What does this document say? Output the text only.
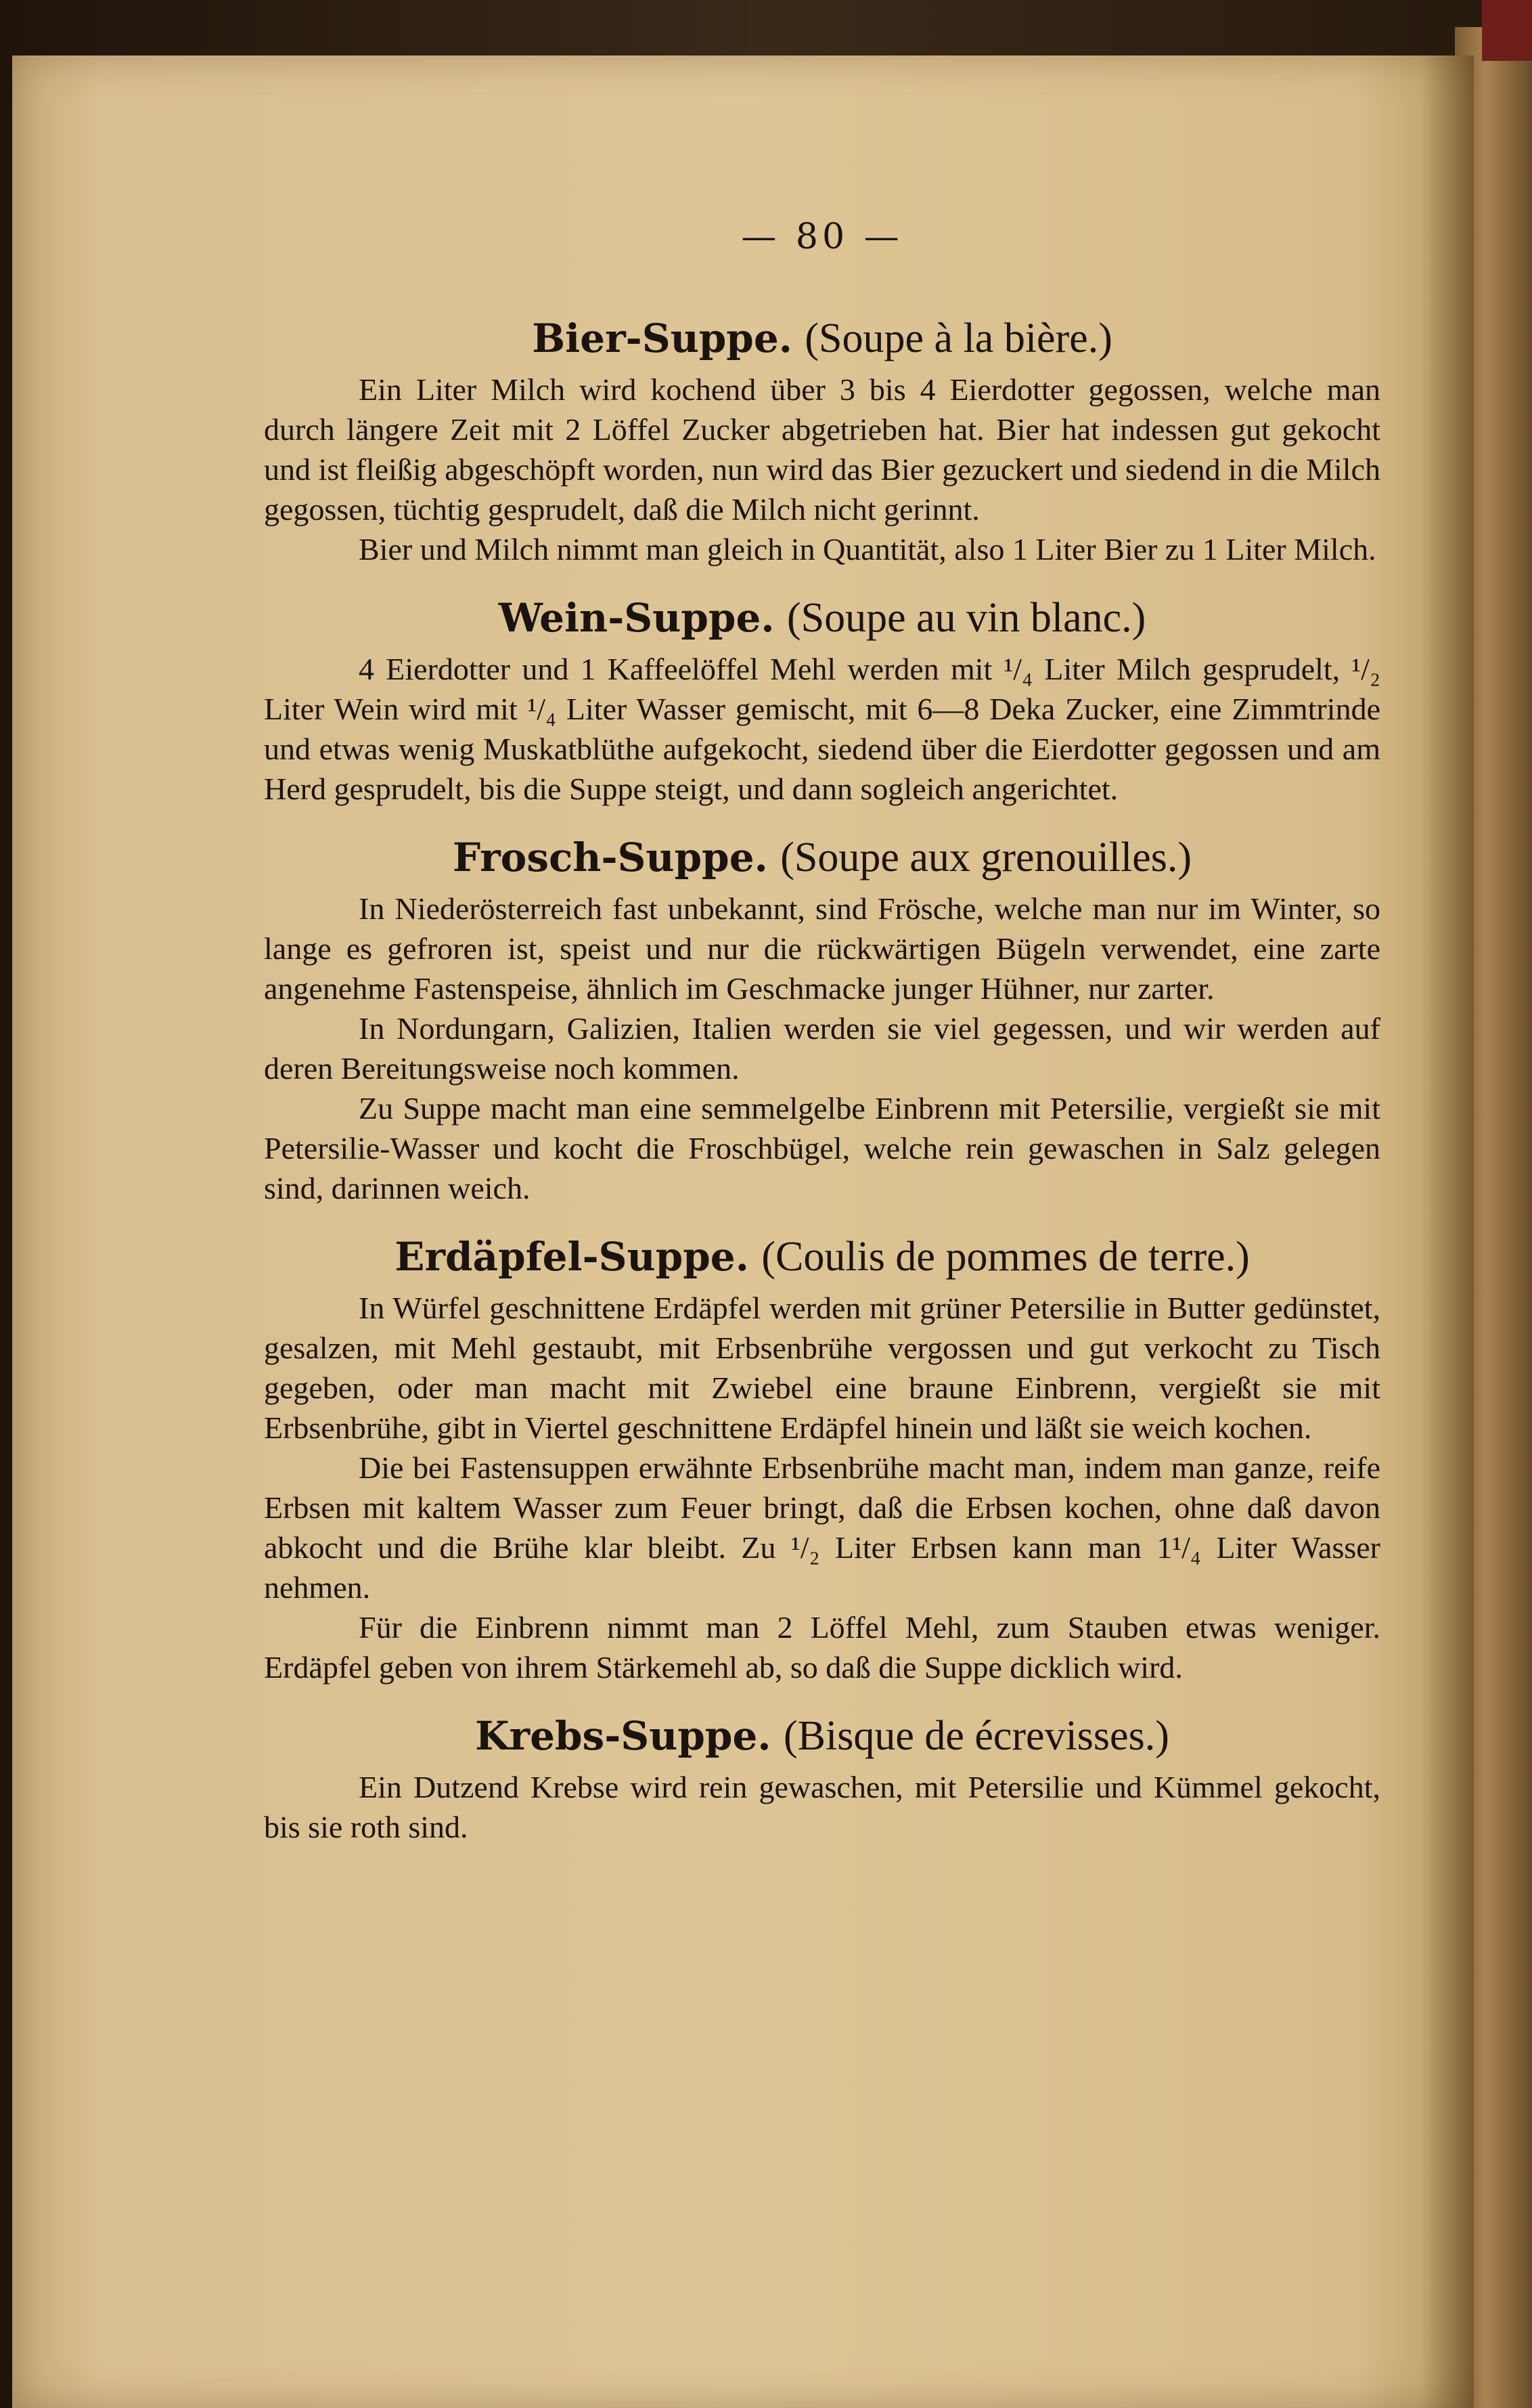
— 80 —
Bier-Suppe. (Soupe à la bière.)

Ein Liter Milch wird kochend über 3 bis 4 Eierdotter gegossen, welche man durch längere Zeit mit 2 Löffel Zucker abgetrieben hat. Bier hat indessen gut gekocht und ist fleißig abgeschöpft worden, nun wird das Bier gezuckert und siedend in die Milch gegossen, tüchtig gesprudelt, daß die Milch nicht gerinnt.

Bier und Milch nimmt man gleich in Quantität, also 1 Liter Bier zu 1 Liter Milch.

Wein-Suppe. (Soupe au vin blanc.)

4 Eierdotter und 1 Kaffeelöffel Mehl werden mit ¹/₄ Liter Milch gesprudelt, ¹/₂ Liter Wein wird mit ¹/₄ Liter Wasser gemischt, mit 6—8 Deka Zucker, eine Zimmtrinde und etwas wenig Muskatblüthe aufgekocht, siedend über die Eierdotter gegossen und am Herd gesprudelt, bis die Suppe steigt, und dann sogleich angerichtet.

Frosch-Suppe. (Soupe aux grenouilles.)

In Niederösterreich fast unbekannt, sind Frösche, welche man nur im Winter, so lange es gefroren ist, speist und nur die rückwärtigen Bügeln verwendet, eine zarte angenehme Fastenspeise, ähnlich im Geschmacke junger Hühner, nur zarter.

In Nordungarn, Galizien, Italien werden sie viel gegessen, und wir werden auf deren Bereitungsweise noch kommen.

Zu Suppe macht man eine semmelgelbe Einbrenn mit Petersilie, vergießt sie mit Petersilie-Wasser und kocht die Froschbügel, welche rein gewaschen in Salz gelegen sind, darinnen weich.

Erdäpfel-Suppe. (Coulis de pommes de terre.)

In Würfel geschnittene Erdäpfel werden mit grüner Petersilie in Butter gedünstet, gesalzen, mit Mehl gestaubt, mit Erbsenbrühe vergossen und gut verkocht zu Tisch gegeben, oder man macht mit Zwiebel eine braune Einbrenn, vergießt sie mit Erbsenbrühe, gibt in Viertel geschnittene Erdäpfel hinein und läßt sie weich kochen.

Die bei Fastensuppen erwähnte Erbsenbrühe macht man, indem man ganze, reife Erbsen mit kaltem Wasser zum Feuer bringt, daß die Erbsen kochen, ohne daß davon abkocht und die Brühe klar bleibt. Zu ¹/₂ Liter Erbsen kann man 1¹/₄ Liter Wasser nehmen.

Für die Einbrenn nimmt man 2 Löffel Mehl, zum Stauben etwas weniger. Erdäpfel geben von ihrem Stärkemehl ab, so daß die Suppe dicklich wird.

Krebs-Suppe. (Bisque de écrevisses.)

Ein Dutzend Krebse wird rein gewaschen, mit Petersilie und Kümmel gekocht, bis sie roth sind.
